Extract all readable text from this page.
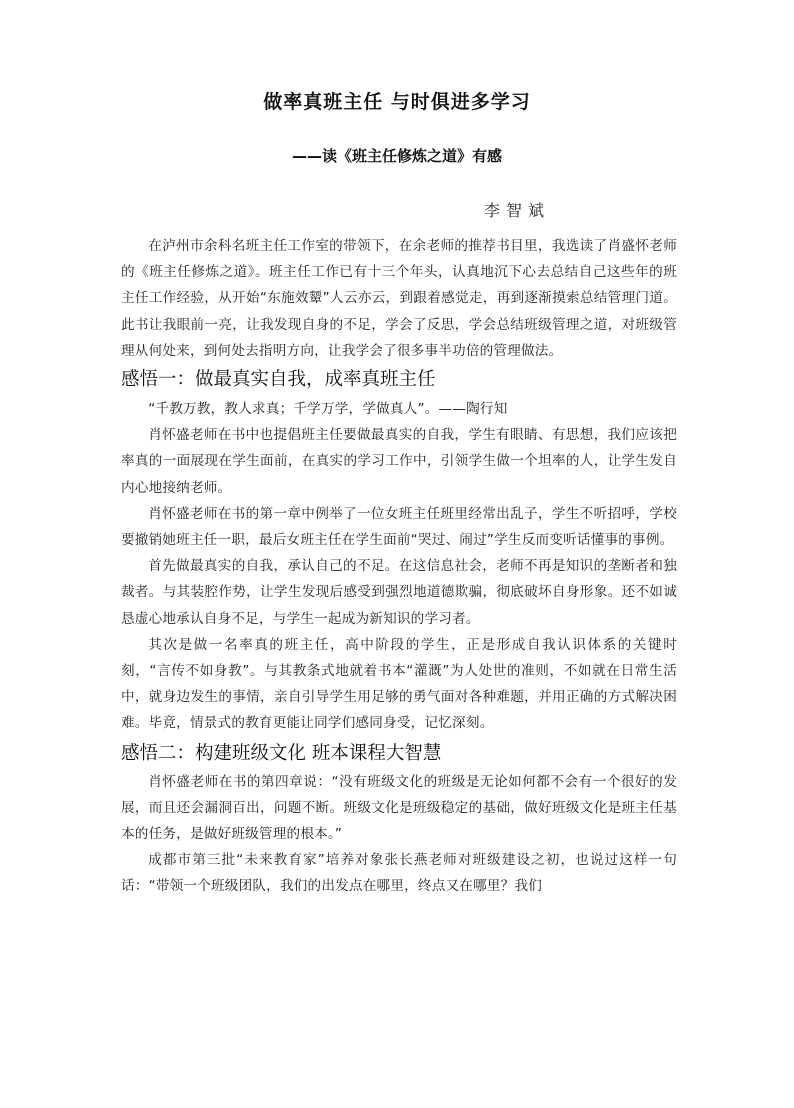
做率真班主任 与时俱进多学习
——读《班主任修炼之道》有感
李智斌

在泸州市余科名班主任工作室的带领下，在余老师的推荐书目里，我选读了肖盛怀老师的《班主任修炼之道》。班主任工作已有十三个年头，认真地沉下心去总结自己这些年的班主任工作经验，从开始“东施效颦”人云亦云，到跟着感觉走，再到逐渐摸索总结管理门道。此书让我眼前一亮，让我发现自身的不足，学会了反思，学会总结班级管理之道，对班级管理从何处来，到何处去指明方向，让我学会了很多事半功倍的管理做法。

感悟一：做最真实自我，成率真班主任

“千教万教，教人求真；千学万学，学做真人”。——陶行知

肖怀盛老师在书中也提倡班主任要做最真实的自我，学生有眼睛、有思想，我们应该把率真的一面展现在学生面前，在真实的学习工作中，引领学生做一个坦率的人，让学生发自内心地接纳老师。

肖怀盛老师在书的第一章中例举了一位女班主任班里经常出乱子，学生不听招呼，学校要撤销她班主任一职，最后女班主任在学生面前“哭过、闹过”学生反而变听话懂事的事例。

首先做最真实的自我，承认自己的不足。在这信息社会，老师不再是知识的垄断者和独裁者。与其装腔作势，让学生发现后感受到强烈地道德欺骗，彻底破坏自身形象。还不如诚恳虚心地承认自身不足，与学生一起成为新知识的学习者。

其次是做一名率真的班主任，高中阶段的学生，正是形成自我认识体系的关键时刻，“言传不如身教”。与其教条式地就着书本“灌溉”为人处世的准则，不如就在日常生活中，就身边发生的事情，亲自引导学生用足够的勇气面对各种难题，并用正确的方式解决困难。毕竟，情景式的教育更能让同学们感同身受，记忆深刻。

感悟二：构建班级文化 班本课程大智慧

肖怀盛老师在书的第四章说：“没有班级文化的班级是无论如何都不会有一个很好的发展，而且还会漏洞百出，问题不断。班级文化是班级稳定的基础，做好班级文化是班主任基本的任务，是做好班级管理的根本。”

成都市第三批“未来教育家”培养对象张长燕老师对班级建设之初，也说过这样一句话：“带领一个班级团队，我们的出发点在哪里，终点又在哪里？我们
